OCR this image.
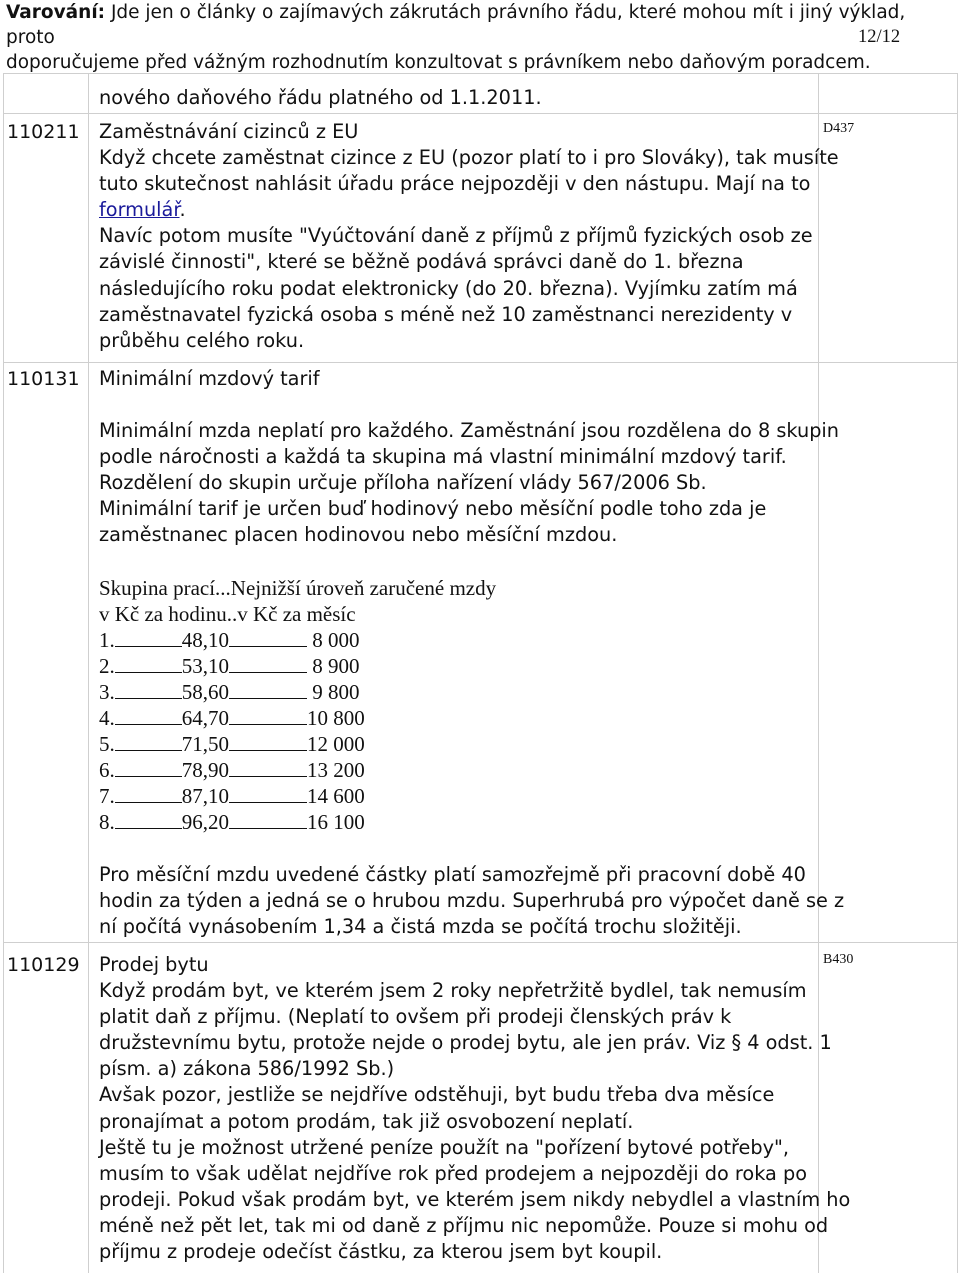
Varování: Jde jen o články o zajímavých zákrutách právního řádu, které mohou mít i jiný výklad, proto
doporučujeme před vážným rozhodnutím konzultovat s právníkem nebo daňovým poradcem.
12/12
nového daňového řádu platného od 1.1.2011.
110211	D437
Zaměstnávání cizinců z EU
Když chcete zaměstnat cizince z EU (pozor platí to i pro Slováky), tak musíte
tuto skutečnost nahlásit úřadu práce nejpozději v den nástupu. Mají na to
formulář.
Navíc potom musíte "Vyúčtování daně z příjmů z příjmů fyzických osob ze
závislé činnosti", které se běžně podává správci daně do 1. března
následujícího roku podat elektronicky (do 20. března). Vyjímku zatím má
zaměstnavatel fyzická osoba s méně než 10 zaměstnanci nerezidenty v
průběhu celého roku.
110131 Minimální mzdový tarif
Minimální mzda neplatí pro každého. Zaměstnání jsou rozdělena do 8 skupin
podle náročnosti a každá ta skupina má vlastní minimální mzdový tarif.
Rozdělení do skupin určuje příloha nařízení vlády 567/2006 Sb.
Minimální tarif je určen buď hodinový nebo měsíční podle toho zda je
zaměstnanec placen hodinovou nebo měsíční mzdou.
Skupina prací...Nejnižší úroveň zaručené mzdy
v Kč za hodinu..v Kč za měsíc
1.	48,10	8 000
2.	53,10	8 900
3.	58,60	9 800
4.	64,70	10 800
5.	71,50	12 000
6.	78,90	13 200
7.	87,10	14 600
8.	96,20	16 100
Pro měsíční mzdu uvedené částky platí samozřejmě při pracovní době 40
hodin za týden a jedná se o hrubou mzdu. Superhrubá pro výpočet daně se z
ní počítá vynásobením 1,34 a čistá mzda se počítá trochu složitěji.
110129	B430
Prodej bytu
Když prodám byt, ve kterém jsem 2 roky nepřetržitě bydlel, tak nemusím
platit daň z příjmu. (Neplatí to ovšem při prodeji členských práv k
družstevnímu bytu, protože nejde o prodej bytu, ale jen práv. Viz § 4 odst. 1
písm. a) zákona 586/1992 Sb.)
Avšak pozor, jestliže se nejdříve odstěhuji, byt budu třeba dva měsíce
pronajímat a potom prodám, tak již osvobození neplatí.
Ještě tu je možnost utržené peníze použít na "pořízení bytové potřeby",
musím to však udělat nejdříve rok před prodejem a nejpozději do roka po
prodeji. Pokud však prodám byt, ve kterém jsem nikdy nebydlel a vlastním ho
méně než pět let, tak mi od daně z příjmu nic nepomůže. Pouze si mohu od
příjmu z prodeje odečíst částku, za kterou jsem byt koupil.
